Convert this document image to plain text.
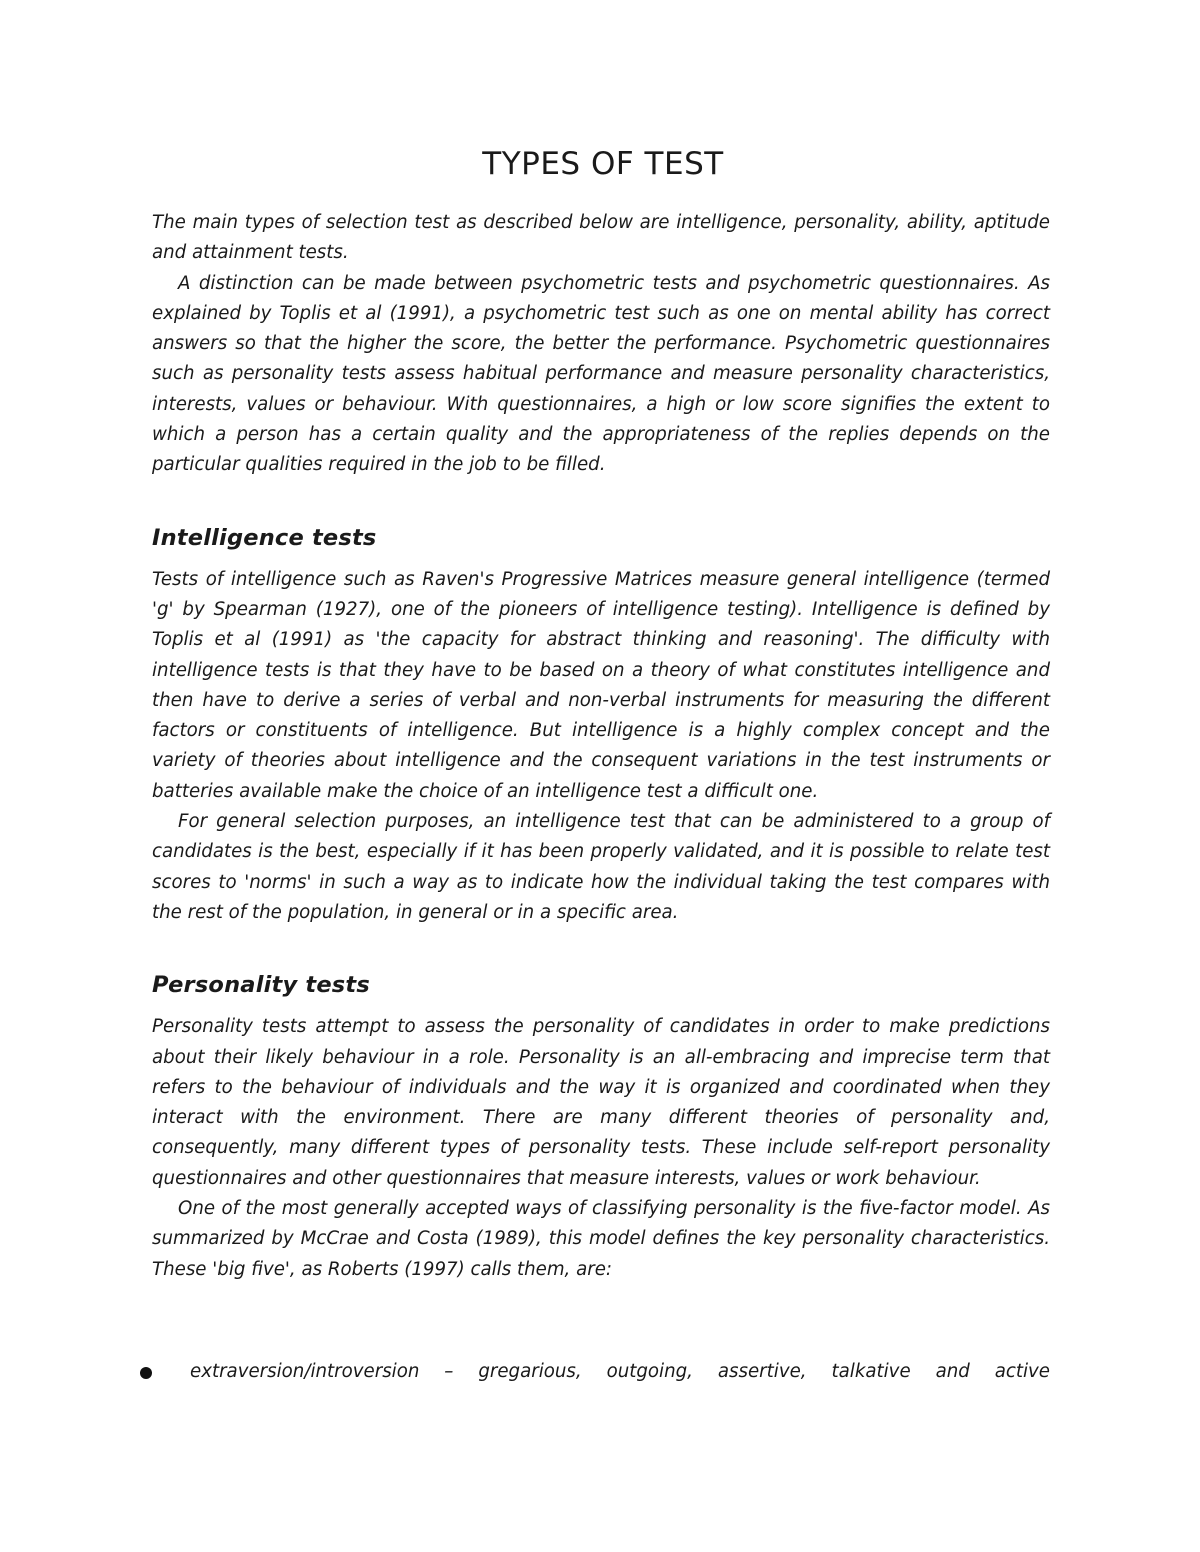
TYPES OF TEST

The main types of selection test as described below are intelligence, personality, ability, aptitude and attainment tests.

A distinction can be made between psychometric tests and psychometric questionnaires. As explained by Toplis et al (1991), a psychometric test such as one on mental ability has correct answers so that the higher the score, the better the performance. Psychometric questionnaires such as personality tests assess habitual performance and measure personality characteristics, interests, values or behaviour. With questionnaires, a high or low score signifies the extent to which a person has a certain quality and the appropriateness of the replies depends on the particular qualities required in the job to be filled.

Intelligence tests

Tests of intelligence such as Raven's Progressive Matrices measure general intelligence (termed 'g' by Spearman (1927), one of the pioneers of intelligence testing). Intelligence is defined by Toplis et al (1991) as 'the capacity for abstract thinking and reasoning'. The difficulty with intelligence tests is that they have to be based on a theory of what constitutes intelligence and then have to derive a series of verbal and non-verbal instruments for measuring the different factors or constituents of intelligence. But intelligence is a highly complex concept and the variety of theories about intelligence and the consequent variations in the test instruments or batteries available make the choice of an intelligence test a difficult one.

For general selection purposes, an intelligence test that can be administered to a group of candidates is the best, especially if it has been properly validated, and it is possible to relate test scores to 'norms' in such a way as to indicate how the individual taking the test compares with the rest of the population, in general or in a specific area.

Personality tests

Personality tests attempt to assess the personality of candidates in order to make predictions about their likely behaviour in a role. Personality is an all-embracing and imprecise term that refers to the behaviour of individuals and the way it is organized and coordinated when they interact with the environment. There are many different theories of personality and, consequently, many different types of personality tests. These include self-report personality questionnaires and other questionnaires that measure interests, values or work behaviour.

One of the most generally accepted ways of classifying personality is the five-factor model. As summarized by McCrae and Costa (1989), this model defines the key personality characteristics. These 'big five', as Roberts (1997) calls them, are:

extraversion/introversion – gregarious, outgoing, assertive, talkative and active
